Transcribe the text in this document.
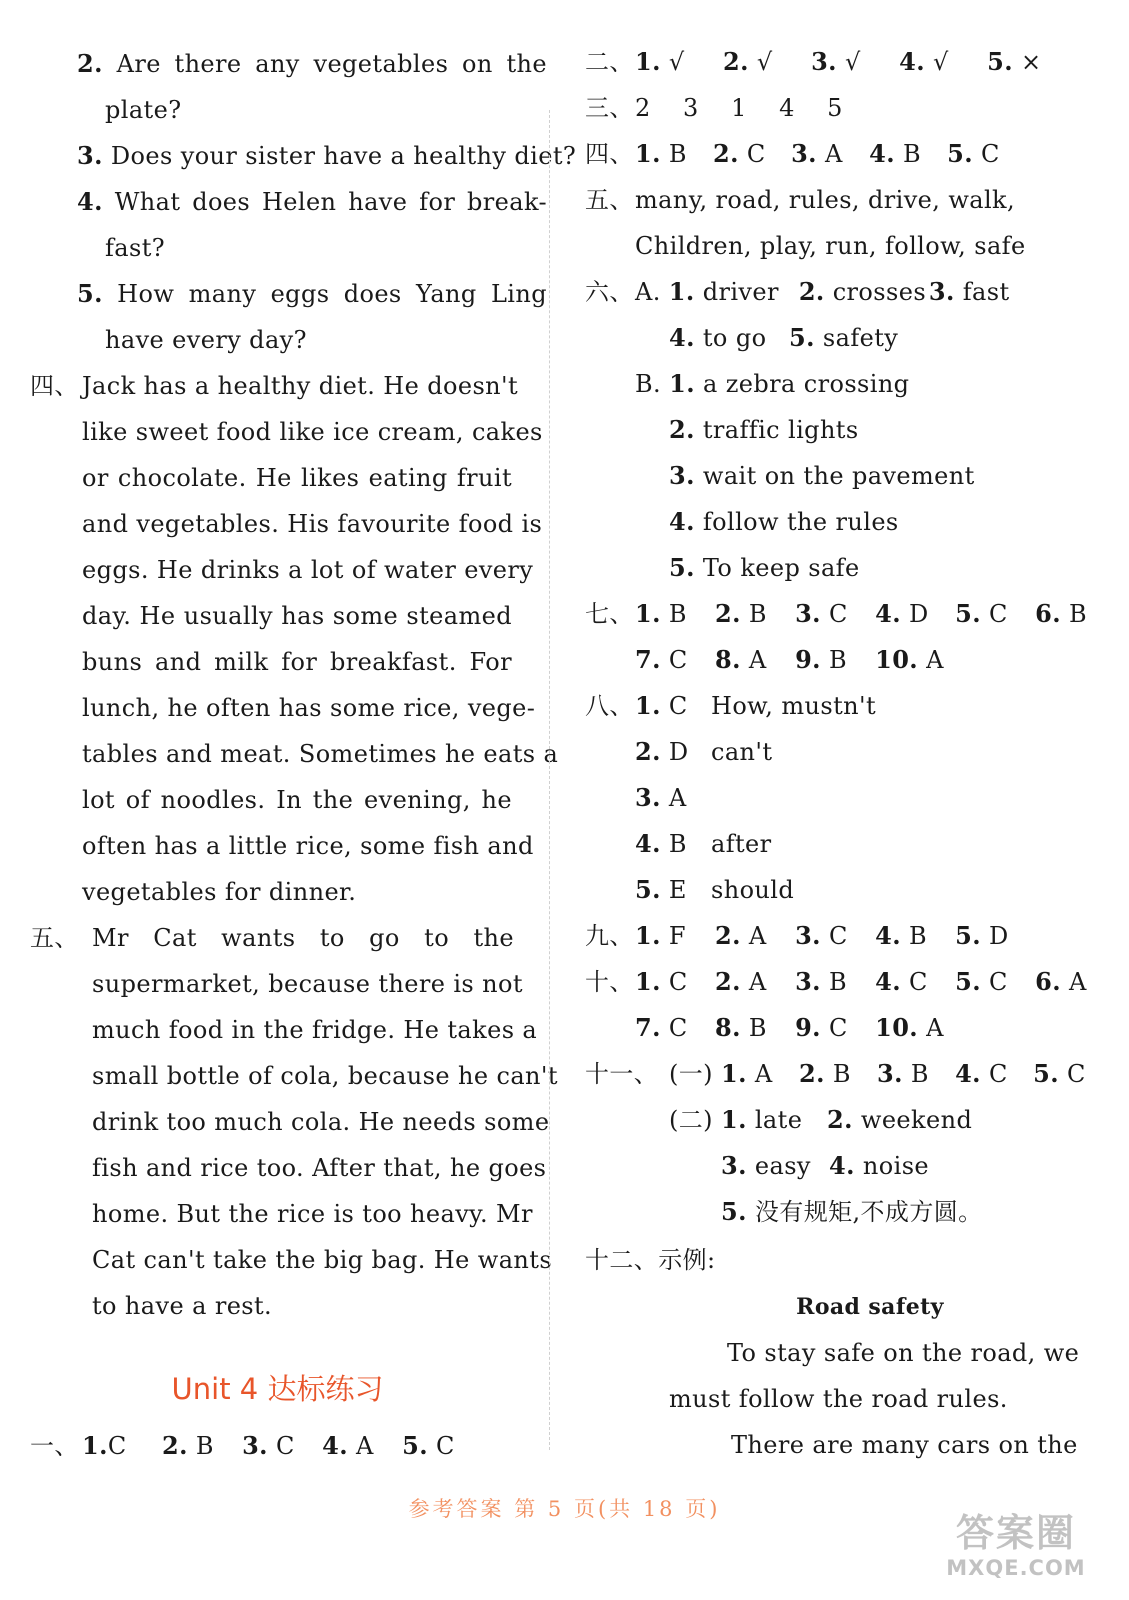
2. Are there any vegetables on the
plate?
3. Does your sister have a healthy diet?
4. What does Helen have for break-
fast?
5. How many eggs does Yang Ling
have every day?
四、 Jack has a healthy diet. He doesn't
like sweet food like ice cream, cakes
or chocolate. He likes eating fruit
and vegetables. His favourite food is
eggs. He drinks a lot of water every
day. He usually has some steamed
buns and milk for breakfast. For
lunch, he often has some rice, vege-
tables and meat. Sometimes he eats a
lot of noodles. In the evening, he
often has a little rice, some fish and
vegetables for dinner.
五、 Mr Cat wants to go to the
supermarket, because there is not
much food in the fridge. He takes a
small bottle of cola, because he can't
drink too much cola. He needs some
fish and rice too. After that, he goes
home. But the rice is too heavy. Mr
Cat can't take the big bag. He wants
to have a rest.
Unit 4 达标练习
一、 1.C 2. B 3. C 4. A 5. C
二、 1. √ 2. √ 3. √ 4. √ 5. ×
三、 2 3 1 4 5
四、 1. B 2. C 3. A 4. B 5. C
五、 many, road, rules, drive, walk,
Children, play, run, follow, safe
六、 A. 1. driver 2. crosses 3. fast
4. to go 5. safety
B. 1. a zebra crossing
2. traffic lights
3. wait on the pavement
4. follow the rules
5. To keep safe
七、 1. B 2. B 3. C 4. D 5. C 6. B
7. C 8. A 9. B 10. A
八、 1. C How, mustn't
2. D can't
3. A
4. B after
5. E should
九、 1. F 2. A 3. C 4. B 5. D
十、 1. C 2. A 3. B 4. C 5. C 6. A
7. C 8. B 9. C 10. A
十一、 (一) 1. A 2. B 3. B 4. C 5. C
(二) 1. late 2. weekend
3. easy 4. noise
5. 没有规矩,不成方圆。
十二、示例:
Road safety
To stay safe on the road, we
must follow the road rules.
There are many cars on the
参考答案 第 5 页(共 18 页)
答案圈
MXQE.COM
